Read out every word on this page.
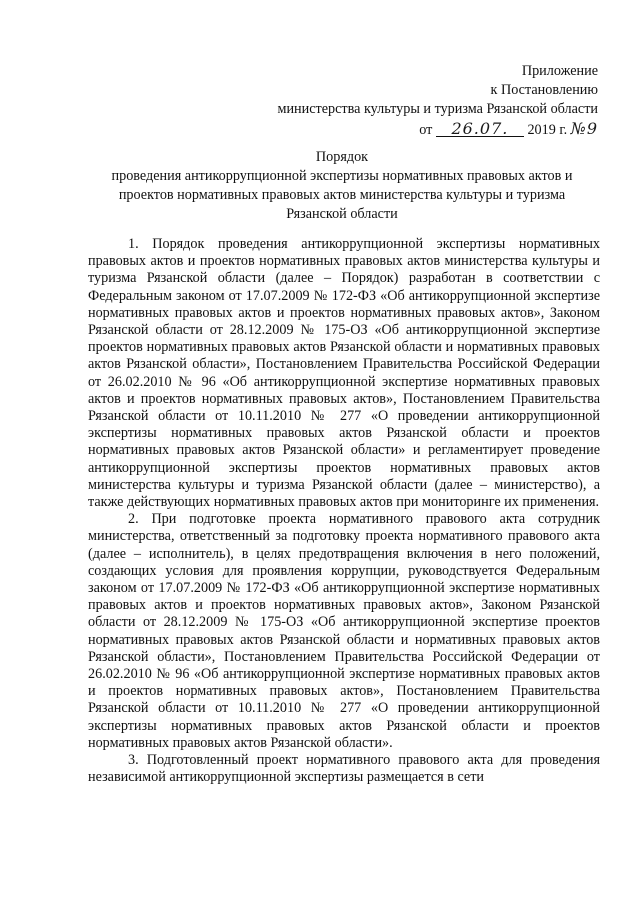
Приложение
к Постановлению
министерства культуры и туризма Рязанской области
от 26.07. 2019 г. №9
Порядок
проведения антикоррупционной экспертизы нормативных правовых актов и проектов нормативных правовых актов министерства культуры и туризма Рязанской области

1. Порядок проведения антикоррупционной экспертизы нормативных правовых актов и проектов нормативных правовых актов министерства культуры и туризма Рязанской области (далее – Порядок) разработан в соответствии с Федеральным законом от 17.07.2009 № 172-ФЗ «Об антикоррупционной экспертизе нормативных правовых актов и проектов нормативных правовых актов», Законом Рязанской области от 28.12.2009 № 175-ОЗ «Об антикоррупционной экспертизе проектов нормативных правовых актов Рязанской области и нормативных правовых актов Рязанской области», Постановлением Правительства Российской Федерации от 26.02.2010 № 96 «Об антикоррупционной экспертизе нормативных правовых актов и проектов нормативных правовых актов», Постановлением Правительства Рязанской области от 10.11.2010 № 277 «О проведении антикоррупционной экспертизы нормативных правовых актов Рязанской области и проектов нормативных правовых актов Рязанской области» и регламентирует проведение антикоррупционной экспертизы проектов нормативных правовых актов министерства культуры и туризма Рязанской области (далее – министерство), а также действующих нормативных правовых актов при мониторинге их применения.

2. При подготовке проекта нормативного правового акта сотрудник министерства, ответственный за подготовку проекта нормативного правового акта (далее – исполнитель), в целях предотвращения включения в него положений, создающих условия для проявления коррупции, руководствуется Федеральным законом от 17.07.2009 № 172-ФЗ «Об антикоррупционной экспертизе нормативных правовых актов и проектов нормативных правовых актов», Законом Рязанской области от 28.12.2009 № 175-ОЗ «Об антикоррупционной экспертизе проектов нормативных правовых актов Рязанской области и нормативных правовых актов Рязанской области», Постановлением Правительства Российской Федерации от 26.02.2010 № 96 «Об антикоррупционной экспертизе нормативных правовых актов и проектов нормативных правовых актов», Постановлением Правительства Рязанской области от 10.11.2010 № 277 «О проведении антикоррупционной экспертизы нормативных правовых актов Рязанской области и проектов нормативных правовых актов Рязанской области».

3. Подготовленный проект нормативного правового акта для проведения независимой антикоррупционной экспертизы размещается в сети
